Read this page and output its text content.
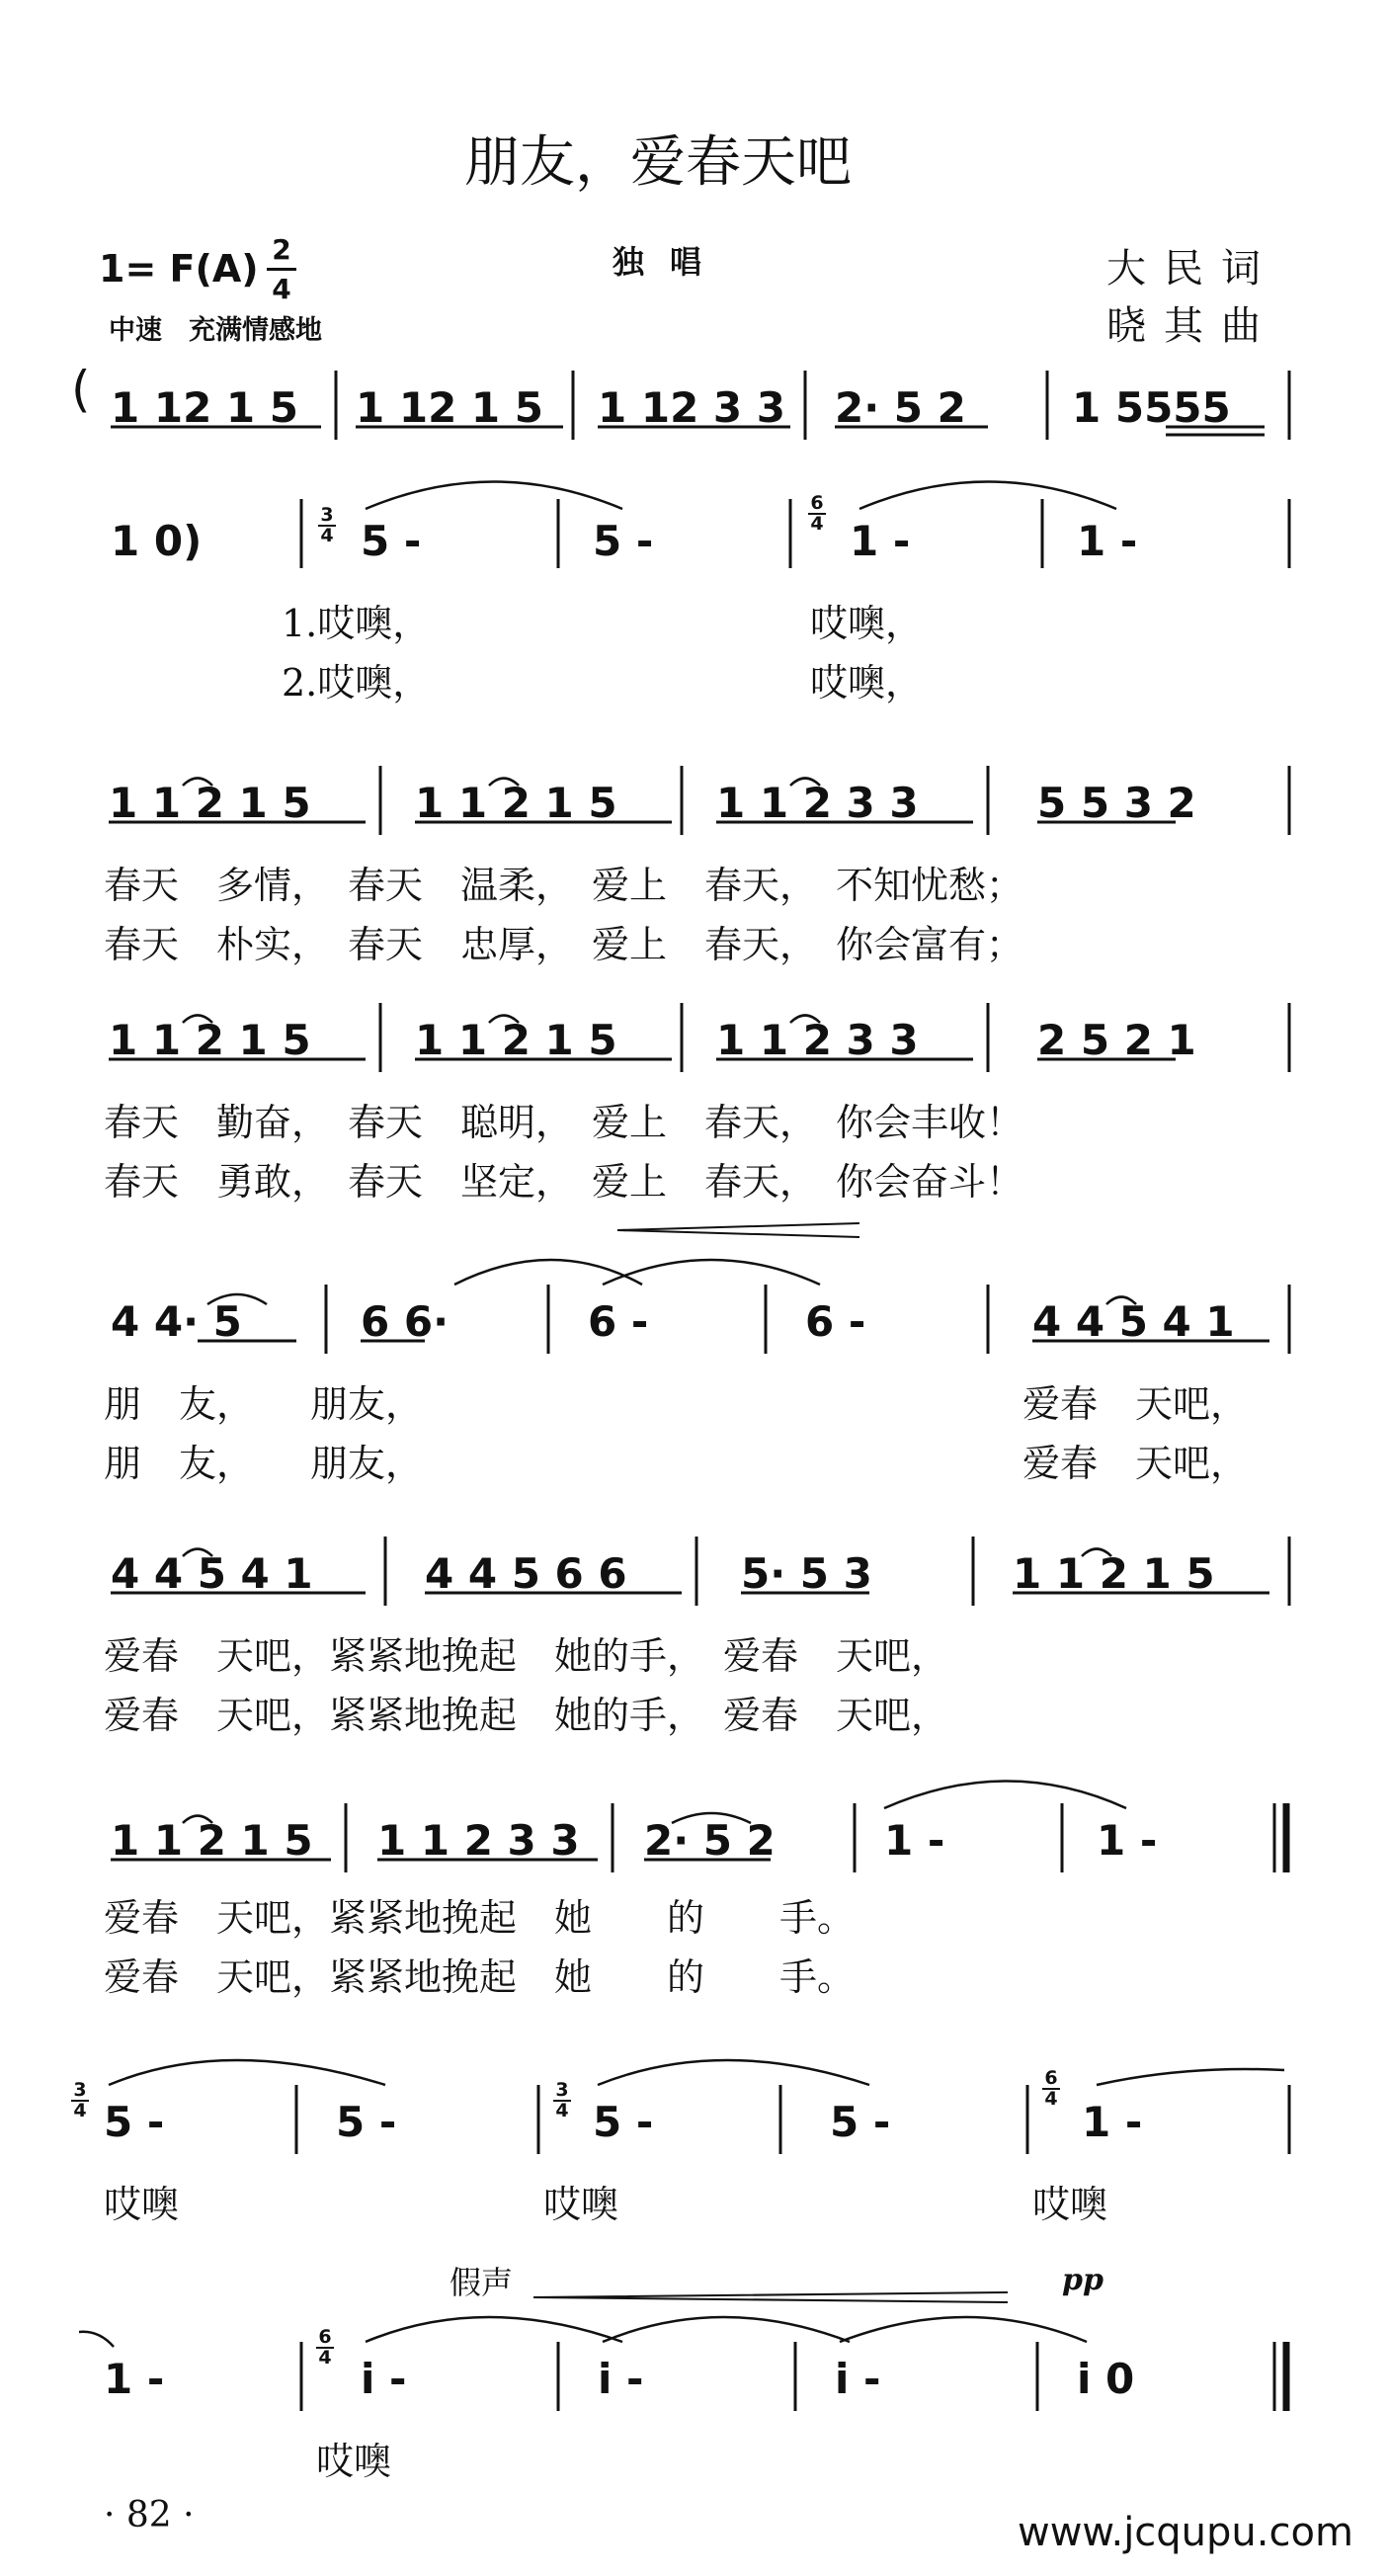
朋友，爱春天吧
1= F(A) 2
4
中速　充满情感地
独唱	大民词
晓其曲
( 1 12 1 5 1 12 1 5 1 12 3 3 2· 5 2	1 5555
1 0)	5 -	5 -	1 -	1 -
3
4
6
4
1.哎噢，	哎噢，
2.哎噢，	哎噢，
1 1 2 1 5	1 1 2 1 5 1 1 2 3 3	5 5 3 2
春天　多情，　春天　温柔，　爱上　春天，　不知忧愁；
春天　朴实，　春天　忠厚，　爱上　春天，　你会富有；
1 1 2 1 5	1 1 2 1 5 1 1 2 3 3	2 5 2 1
春天　勤奋，　春天　聪明，　爱上　春天，　你会丰收！
春天　勇敢，　春天　坚定，　爱上　春天，　你会奋斗！
4 4· 5	6 6·	6 -	6 -	4 4 5 4 1
朋　友，　　朋友，	爱春　天吧，
朋　友，　　朋友，	爱春　天吧，
4 4 5 4 1	4 4 5 6 6	5· 5 3	1 1 2 1 5
爱春　天吧，紧紧地挽起　她的手，　爱春　天吧，
爱春　天吧，紧紧地挽起　她的手，　爱春　天吧，
1 1 2 1 5 1 1 2 3 3 2· 5 2	1 -	1 -
爱春　天吧，紧紧地挽起　她　　的　　手。
爱春　天吧，紧紧地挽起　她　　的　　手。
5 -	5 -	5 -	5 -	1 -
3
4
3
4
6
4
哎噢	哎噢	哎噢
假声	pp
1 -	i -	i -	i -	i 0
6
4
哎噢
· 82 ·	www.jcqupu.com
